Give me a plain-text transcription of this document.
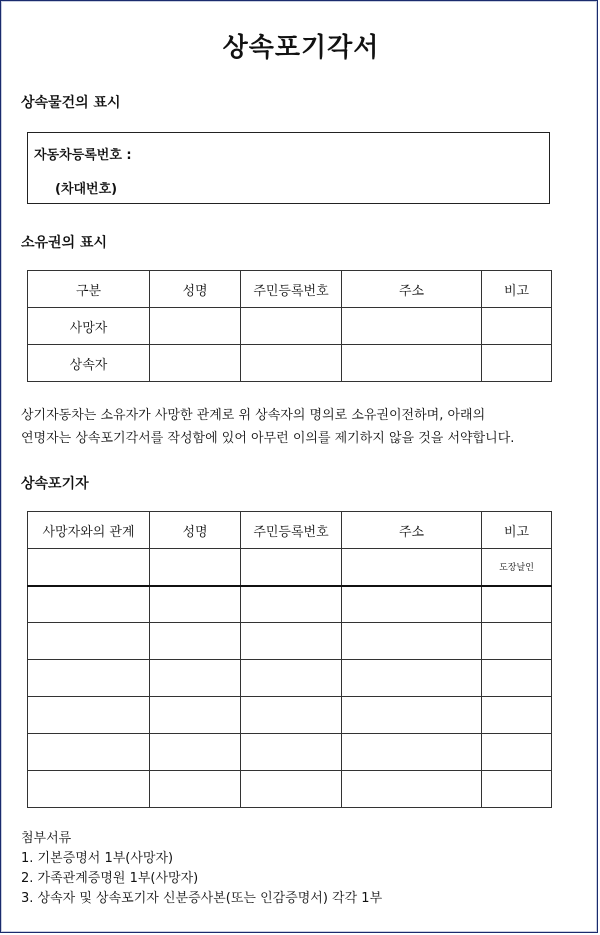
상속포기각서
상속물건의 표시
자동차등록번호 :
(차대번호)
소유권의 표시
구분	성명	주민등록번호	주소	비고
사망자				
상속자				
상기자동차는 소유자가 사망한 관계로 위 상속자의 명의로 소유권이전하며, 아래의
연명자는 상속포기각서를 작성함에 있어 아무런 이의를 제기하지 않을 것을 서약합니다.
상속포기자
사망자와의 관계	성명	주민등록번호	주소	비고
				도장날인

첨부서류
1. 기본증명서 1부(사망자)
2. 가족관계증명원 1부(사망자)
3. 상속자 및 상속포기자 신분증사본(또는 인감증명서) 각각 1부
